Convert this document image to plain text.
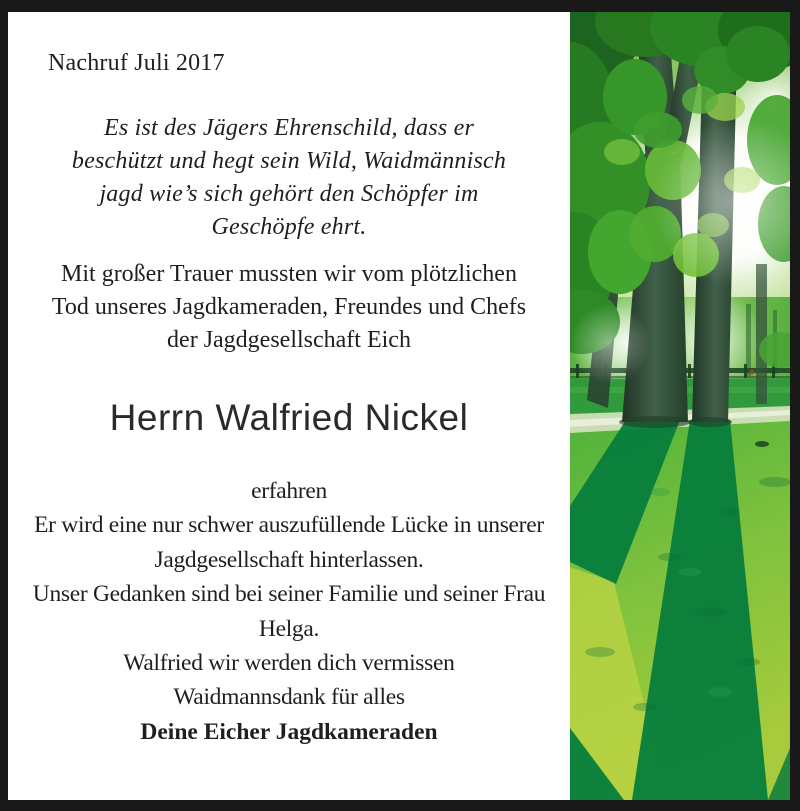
Nachruf Juli 2017
Es ist des Jägers Ehrenschild, dass er
beschützt und hegt sein Wild, Waidmännisch
jagd wie’s sich gehört den Schöpfer im
Geschöpfe ehrt.
Mit großer Trauer mussten wir vom plötzlichen
Tod unseres Jagdkameraden, Freundes und Chefs
der Jagdgesellschaft Eich
Herrn Walfried Nickel
erfahren
Er wird eine nur schwer auszufüllende Lücke in unserer
Jagdgesellschaft hinterlassen.
Unser Gedanken sind bei seiner Familie und seiner Frau
Helga.
Walfried wir werden dich vermissen
Waidmannsdank für alles
Deine Eicher Jagdkameraden
